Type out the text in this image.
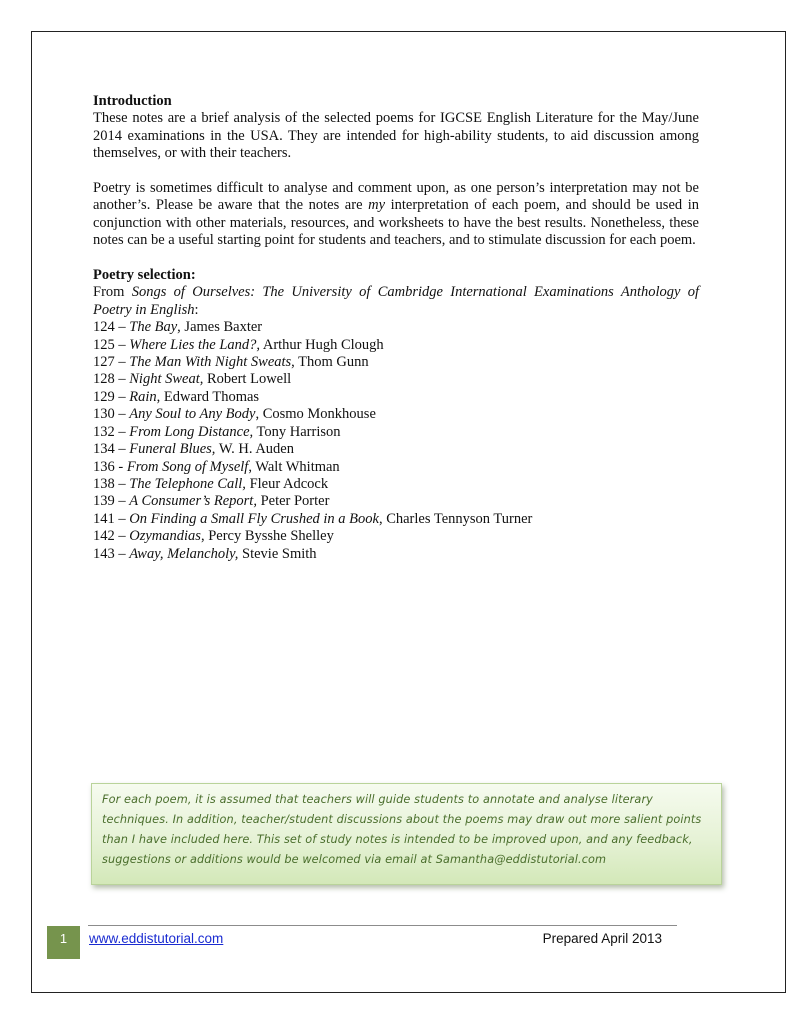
Introduction

These notes are a brief analysis of the selected poems for IGCSE English Literature for the May/June 2014 examinations in the USA. They are intended for high-ability students, to aid discussion among themselves, or with their teachers.

Poetry is sometimes difficult to analyse and comment upon, as one person’s interpretation may not be another’s. Please be aware that the notes are my interpretation of each poem, and should be used in conjunction with other materials, resources, and worksheets to have the best results. Nonetheless, these notes can be a useful starting point for students and teachers, and to stimulate discussion for each poem.

Poetry selection:

From Songs of Ourselves: The University of Cambridge International Examinations Anthology of Poetry in English:

124 – The Bay, James Baxter
125 – Where Lies the Land?, Arthur Hugh Clough
127 – The Man With Night Sweats, Thom Gunn
128 – Night Sweat, Robert Lowell
129 – Rain, Edward Thomas
130 – Any Soul to Any Body, Cosmo Monkhouse
132 – From Long Distance, Tony Harrison
134 – Funeral Blues, W. H. Auden
136 - From Song of Myself, Walt Whitman
138 – The Telephone Call, Fleur Adcock
139 – A Consumer’s Report, Peter Porter
141 – On Finding a Small Fly Crushed in a Book, Charles Tennyson Turner
142 – Ozymandias, Percy Bysshe Shelley
143 – Away, Melancholy, Stevie Smith

For each poem, it is assumed that teachers will guide students to annotate and analyse literary techniques. In addition, teacher/student discussions about the poems may draw out more salient points than I have included here. This set of study notes is intended to be improved upon, and any feedback, suggestions or additions would be welcomed via email at Samantha@eddistutorial.com

1 www.eddistutorial.com	Prepared April 2013
